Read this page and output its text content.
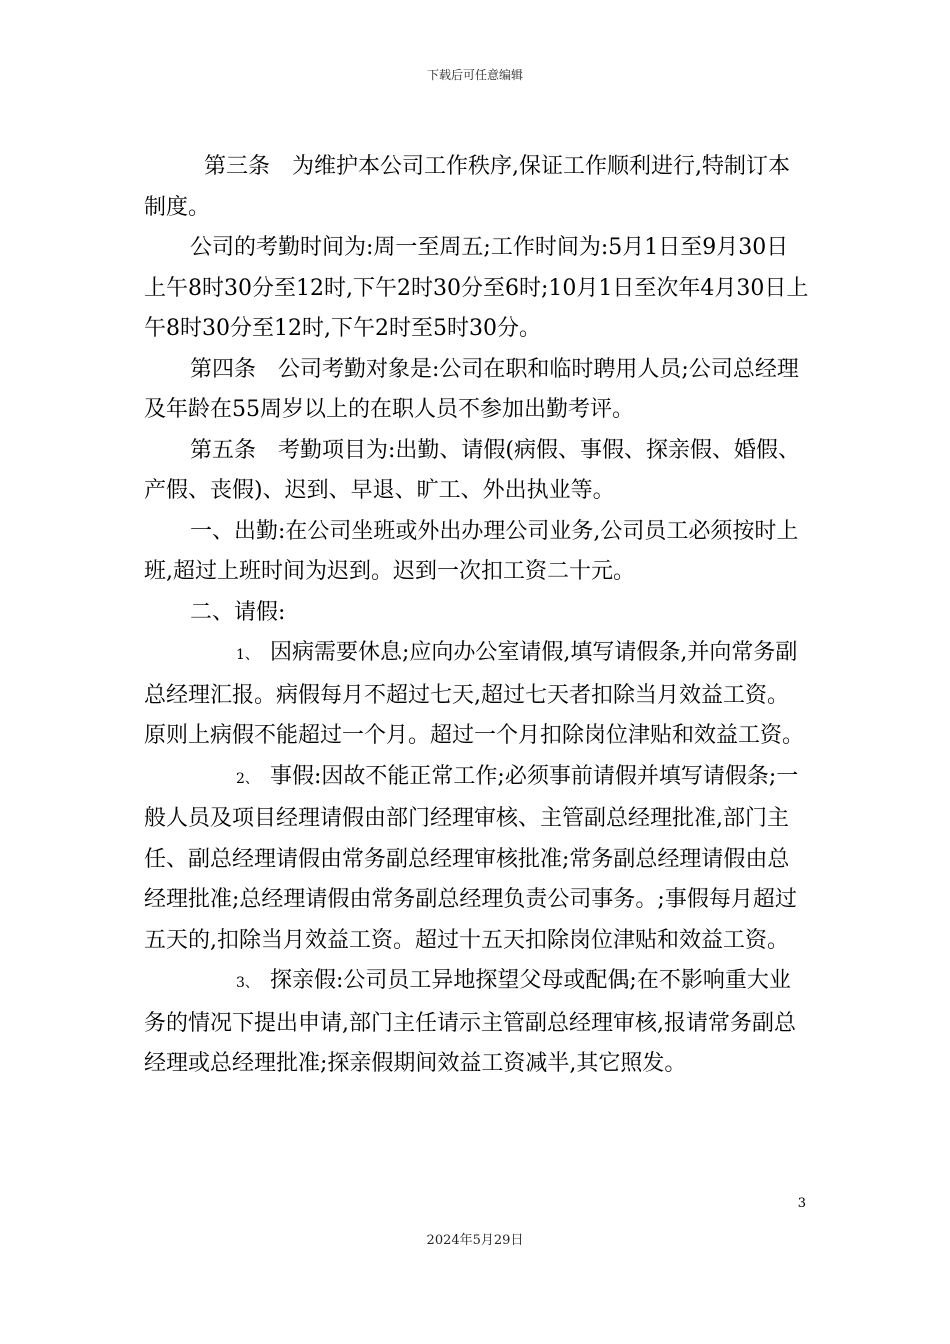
下载后可任意编辑

第三条　为维护本公司工作秩序,保证工作顺利进行,特制订本制度。

公司的考勤时间为:周一至周五;工作时间为:5月1日至9月30日　上午8时30分至12时,下午2时30分至6时;10月1日至次年4月30日上午8时30分至12时,下午2时至5时30分。

第四条　公司考勤对象是:公司在职和临时聘用人员;公司总经理及年龄在55周岁以上的在职人员不参加出勤考评。

第五条　考勤项目为:出勤、请假(病假、事假、探亲假、婚假、产假、丧假)、迟到、早退、旷工、外出执业等。

一、出勤:在公司坐班或外出办理公司业务,公司员工必须按时上班,超过上班时间为迟到。迟到一次扣工资二十元。

二、请假:

1、 因病需要休息;应向办公室请假,填写请假条,并向常务副总经理汇报。病假每月不超过七天,超过七天者扣除当月效益工资。原则上病假不能超过一个月。超过一个月扣除岗位津贴和效益工资。

2、 事假:因故不能正常工作;必须事前请假并填写请假条;一般人员及项目经理请假由部门经理审核、主管副总经理批准,部门主任、副总经理请假由常务副总经理审核批准;常务副总经理请假由总经理批准;总经理请假由常务副总经理负责公司事务。;事假每月超过五天的,扣除当月效益工资。超过十五天扣除岗位津贴和效益工资。

3、 探亲假:公司员工异地探望父母或配偶;在不影响重大业务的情况下提出申请,部门主任请示主管副总经理审核,报请常务副总经理或总经理批准;探亲假期间效益工资减半,其它照发。

3
2024年5月29日
